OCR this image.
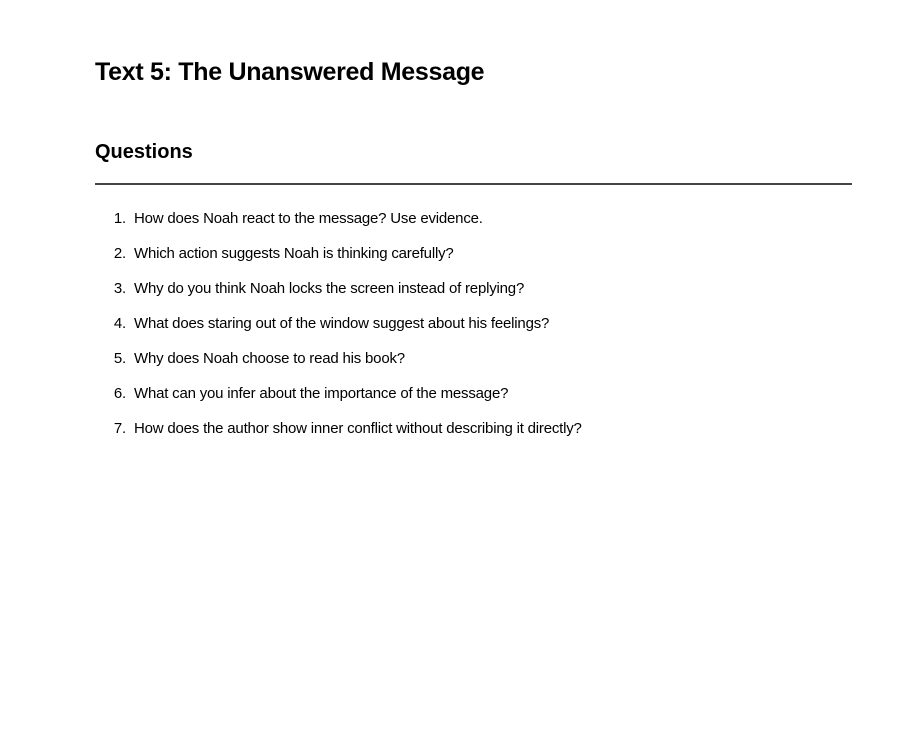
Text 5: The Unanswered Message
Questions
1. How does Noah react to the message? Use evidence.
2. Which action suggests Noah is thinking carefully?
3. Why do you think Noah locks the screen instead of replying?
4. What does staring out of the window suggest about his feelings?
5. Why does Noah choose to read his book?
6. What can you infer about the importance of the message?
7. How does the author show inner conflict without describing it directly?
